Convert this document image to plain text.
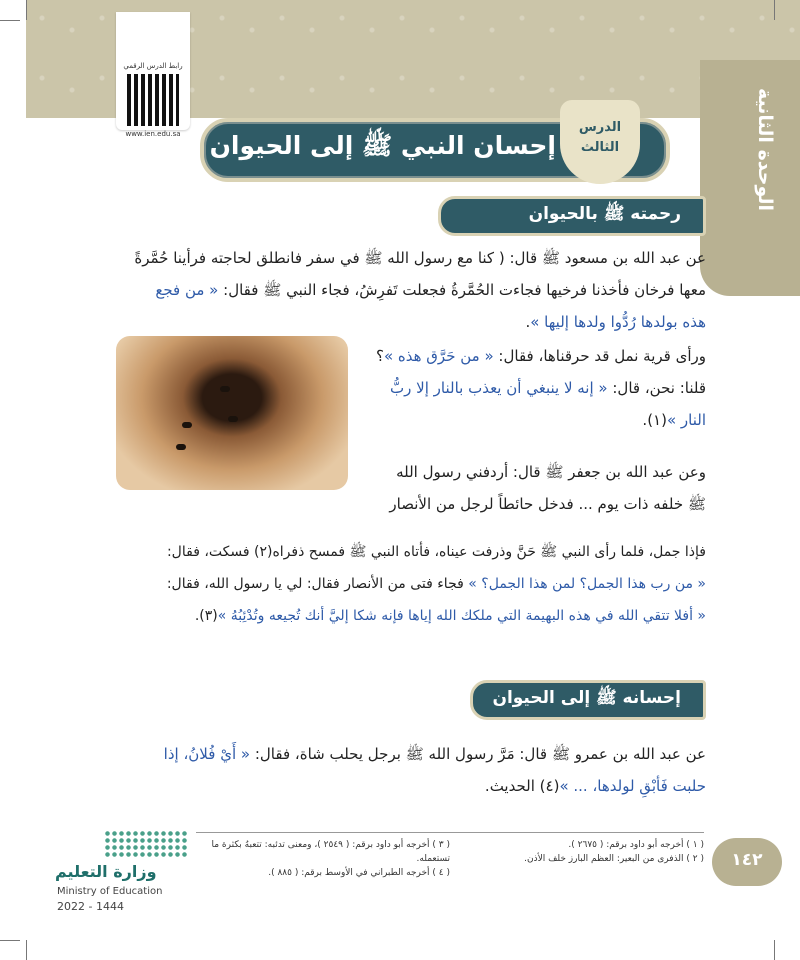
الوحدة الثانية
رابط الدرس الرقمي
www.ien.edu.sa	إحسان النبي ﷺ إلى الحيوان
الدرس
الثالث
رحمته ﷺ بالحيوان
عن عبد الله بن مسعود ﷺ قال: ( كنا مع رسول الله ﷺ في سفر فانطلق لحاجته فرأينا حُمَّرةً
معها فرخان فأخذنا فرخيها فجاءت الحُمَّرةُ فجعلت تَفرِشُ، فجاء النبي ﷺ فقال: « من فجع
هذه بولدها رُدُّوا ولدها إليها ».
ورأى قرية نمل قد حرقناها، فقال: « من حَرَّق هذه »؟
قلنا: نحن، قال: « إنه لا ينبغي أن يعذب بالنار إلا ربُّ
النار »(١).
وعن عبد الله بن جعفر ﷺ قال: أردفني رسول الله
ﷺ خلفه ذات يوم ... فدخل حائطاً لرجل من الأنصار
فإذا جمل، فلما رأى النبي ﷺ حَنَّ وذرفت عيناه، فأتاه النبي ﷺ فمسح ذفراه(٢) فسكت، فقال:
« من رب هذا الجمل؟ لمن هذا الجمل؟ » فجاء فتى من الأنصار فقال: لي يا رسول الله، فقال:
« أفلا تتقي الله في هذه البهيمة التي ملكك الله إياها فإنه شكا إليَّ أنك تُجيعه وتُدْئِبُهُ »(٣).
إحسانه ﷺ إلى الحيوان
عن عبد الله بن عمرو ﷺ قال: مَرَّ رسول الله ﷺ برجل يحلب شاة، فقال: « أَيْ فُلانُ، إذا
حلبت فَأبْقِ لولدها، ... »(٤) الحديث.
( ١ ) أخرجه أبو داود برقم: ( ٢٦٧٥ ).
( ٢ ) الذفرى من البعير: العظم البارز خلف الأذن.
( ٣ ) أخرجه أبو داود برقم: ( ٢٥٤٩ )، ومعنى تدئبه: تتعبهُ بكثرة ما تستعمله.
( ٤ ) أخرجه الطبراني في الأوسط برقم: ( ٨٨٥ ).
وزارة التعليم
Ministry of Education
2022 - 1444
١٤٢
